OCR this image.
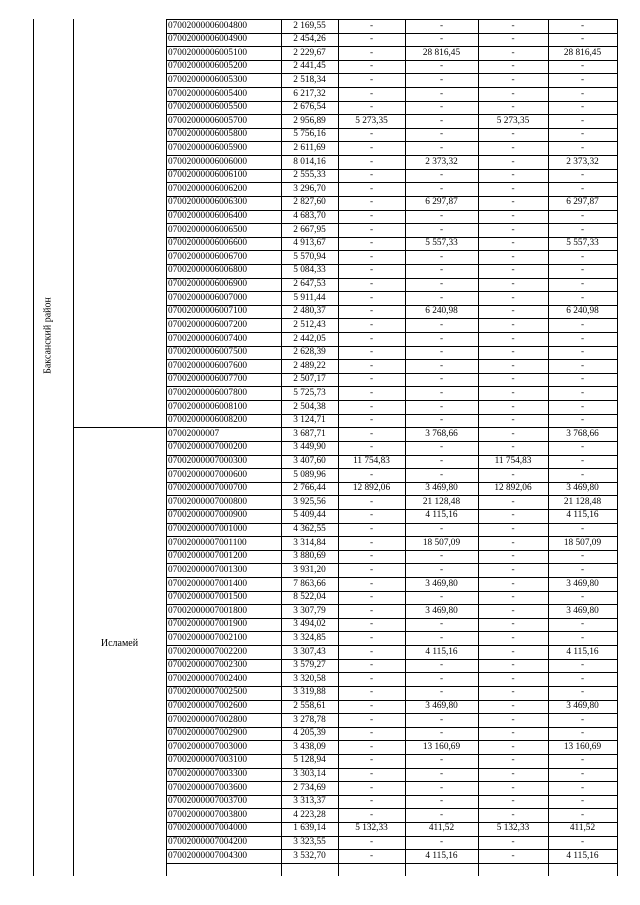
07002000006004800	2 169,55	-	-	-	-
07002000006004900	2 454,26	-	-	-	-
07002000006005100	2 229,67	-	28 816,45	-	28 816,45
07002000006005200	2 441,45	-	-	-	-
07002000006005300	2 518,34	-	-	-	-
07002000006005400	6 217,32	-	-	-	-
07002000006005500	2 676,54	-	-	-	-
07002000006005700	2 956,89	5 273,35	-	5 273,35	-
07002000006005800	5 756,16	-	-	-	-
07002000006005900	2 611,69	-	-	-	-
07002000006006000	8 014,16	-	2 373,32	-	2 373,32
07002000006006100	2 555,33	-	-	-	-
07002000006006200	3 296,70	-	-	-	-
07002000006006300	2 827,60	-	6 297,87	-	6 297,87
07002000006006400	4 683,70	-	-	-	-
07002000006006500	2 667,95	-	-	-	-
07002000006006600	4 913,67	-	5 557,33	-	5 557,33
07002000006006700	5 570,94	-	-	-	-
07002000006006800	5 084,33	-	-	-	-
07002000006006900	2 647,53	-	-	-	-
07002000006007000	5 911,44	-	-	-	-
07002000006007100	2 480,37	-	6 240,98	-	6 240,98
07002000006007200	2 512,43	-	-	-	-
07002000006007400	2 442,05	-	-	-	-
07002000006007500	2 628,39	-	-	-	-
07002000006007600	2 489,22	-	-	-	-
07002000006007700	2 507,17	-	-	-	-
07002000006007800	5 725,73	-	-	-	-
07002000006008100	2 504,38	-	-	-	-
07002000006008200	3 124,71	-	-	-	-
07002000007	3 687,71	-	3 768,66	-	3 768,66
07002000007000200	3 449,90	-	-	-	-
07002000007000300	3 407,60	11 754,83	-	11 754,83	-
07002000007000600	5 089,96	-	-	-	-
07002000007000700	2 766,44	12 892,06	3 469,80	12 892,06	3 469,80
07002000007000800	3 925,56	-	21 128,48	-	21 128,48
07002000007000900	5 409,44	-	4 115,16	-	4 115,16
07002000007001000	4 362,55	-	-	-	-
07002000007001100	3 314,84	-	18 507,09	-	18 507,09
07002000007001200	3 880,69	-	-	-	-
07002000007001300	3 931,20	-	-	-	-
07002000007001400	7 863,66	-	3 469,80	-	3 469,80
07002000007001500	8 522,04	-	-	-	-
07002000007001800	3 307,79	-	3 469,80	-	3 469,80
07002000007001900	3 494,02	-	-	-	-
07002000007002100	3 324,85	-	-	-	-
07002000007002200	3 307,43	-	4 115,16	-	4 115,16
07002000007002300	3 579,27	-	-	-	-
07002000007002400	3 320,58	-	-	-	-
07002000007002500	3 319,88	-	-	-	-
07002000007002600	2 558,61	-	3 469,80	-	3 469,80
07002000007002800	3 278,78	-	-	-	-
07002000007002900	4 205,39	-	-	-	-
07002000007003000	3 438,09	-	13 160,69	-	13 160,69
07002000007003100	5 128,94	-	-	-	-
07002000007003300	3 303,14	-	-	-	-
07002000007003600	2 734,69	-	-	-	-
07002000007003700	3 313,37	-	-	-	-
07002000007003800	4 223,28	-	-	-	-
07002000007004000	1 639,14	5 132,33	411,52	5 132,33	411,52
07002000007004200	3 323,55	-	-	-	-
07002000007004300	3 532,70	-	4 115,16	-	4 115,16
Исламей
Баксанский район
